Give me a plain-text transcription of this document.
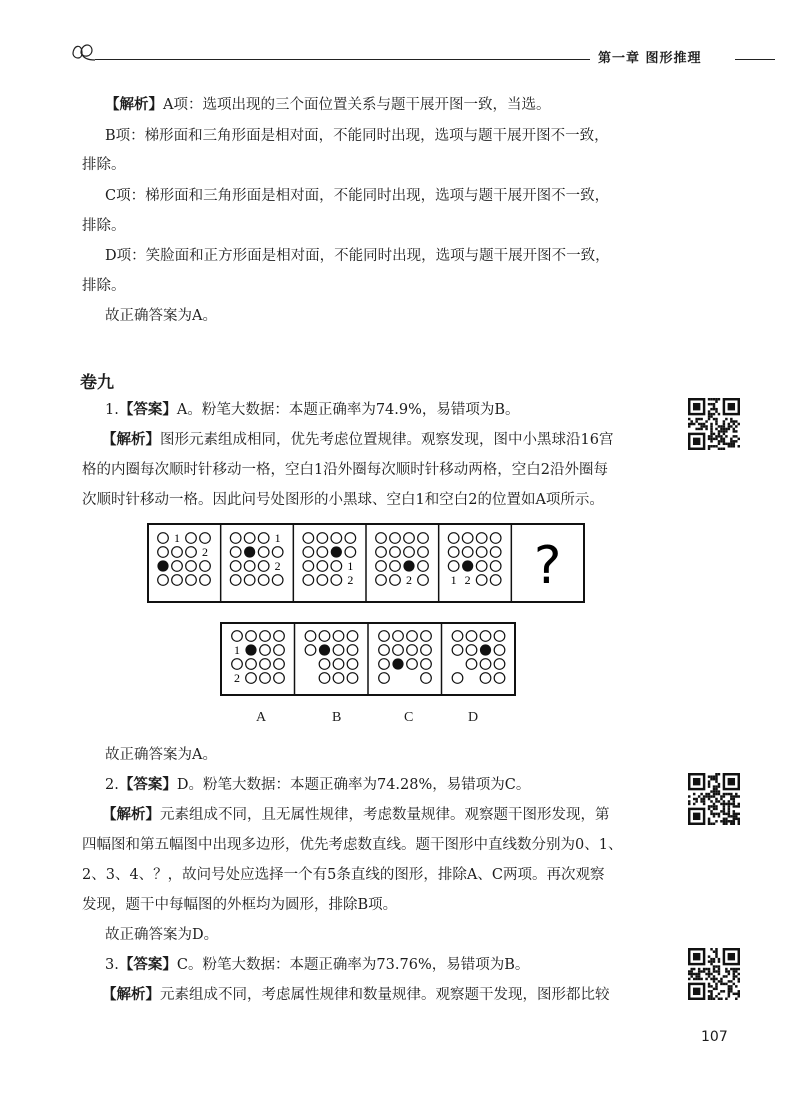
第一章 图形推理
【解析】A项：选项出现的三个面位置关系与题干展开图一致，当选。
B项：梯形面和三角形面是相对面，不能同时出现，选项与题干展开图不一致，
排除。
C项：梯形面和三角形面是相对面，不能同时出现，选项与题干展开图不一致，
排除。
D项：笑脸面和正方形面是相对面，不能同时出现，选项与题干展开图不一致，
排除。
故正确答案为A。
1.【答案】A。粉笔大数据：本题正确率为74.9%，易错项为B。
【解析】图形元素组成相同，优先考虑位置规律。观察发现，图中小黑球沿16宫
格的内圈每次顺时针移动一格，空白1沿外圈每次顺时针移动两格，空白2沿外圈每
次顺时针移动一格。因此问号处图形的小黑球、空白1和空白2的位置如A项所示。
故正确答案为A。
2.【答案】D。粉笔大数据：本题正确率为74.28%，易错项为C。
【解析】元素组成不同，且无属性规律，考虑数量规律。观察题干图形发现，第
四幅图和第五幅图中出现多边形，优先考虑数直线。题干图形中直线数分别为0、1、
2、3、4、？，故问号处应选择一个有5条直线的图形，排除A、C两项。再次观察
发现，题干中每幅图的外框均为圆形，排除B项。
故正确答案为D。
3.【答案】C。粉笔大数据：本题正确率为73.76%，易错项为B。
【解析】元素组成不同，考虑属性规律和数量规律。观察题干发现，图形都比较
卷九
1
2
1
2	1
2	2	1 2 ?
1
2
A	B	C	D
107
